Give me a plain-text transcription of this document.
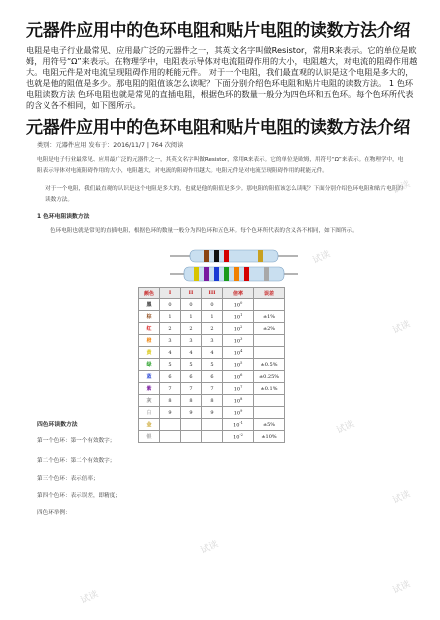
元器件应用中的色环电阻和贴片电阻的读数方法介绍
电阻是电子行业最常见、应用最广泛的元器件之一，其英文名字叫做Resistor，常用R来表示。它的单位是欧姆，用符号“Ω”来表示。在物理学中，电阻表示导体对电流阻碍作用的大小，电阻越大，对电流的阻碍作用越大。电阻元件是对电流呈现阻碍作用的耗能元件。 对于一个电阻，我们最直观的认识是这个电阻是多大的，也就是他的阻值是多少。那电阻的阻值该怎么读呢？下面分别介绍色环电阻和贴片电阻的读数方法。 1 色环电阻读数方法 色环电阻也就是常见的直插电阻，根据色环的数量一般分为四色环和五色环。每个色环所代表的含义各不相同，如下图所示。
元器件应用中的色环电阻和贴片电阻的读数方法介绍
类别：元器件应用 发布于：2016/11/7 | 764 次阅读
电阻是电子行业最常见、应用最广泛的元器件之一，其英文名字叫做Resistor，常用R来表示。它的单位是欧姆，用符号“Ω”来表示。在物理学中，电阻表示导体对电流阻碍作用的大小，电阻越大，对电流的阻碍作用越大。电阻元件是对电流呈现阻碍作用的耗能元件。
对于一个电阻，我们最直观的认识是这个电阻是多大的，也就是他的阻值是多少。那电阻的阻值该怎么读呢？下面分别介绍色环电阻和贴片电阻的读数方法。
1 色环电阻读数方法
色环电阻也就是常见的直插电阻，根据色环的数量一般分为四色环和五色环。每个色环所代表的含义各不相同，如下图所示。
颜色	I	II	III	倍率	误差
黑	0	0	0	$10^0$	
棕	1	1	1	$10^1$	±1%
红	2	2	2	$10^2$	±2%
橙	3	3	3	$10^3$	
黄	4	4	4	$10^4$	
绿	5	5	5	$10^5$	±0.5%
蓝	6	6	6	$10^6$	±0.25%
紫	7	7	7	$10^7$	±0.1%
灰	8	8	8	$10^8$	
白	9	9	9	$10^9$	
金				$10^{-1}$	±5%
银				$10^{-2}$	±10%
四色环读数方法
第一个色环：第一个有效数字；
第二个色环：第二个有效数字；
第三个色环：表示倍率；
第四个色环：表示误差，即精度；
四色环举例：
试读
试读
试读
试读
试读
试读
试读
试读
